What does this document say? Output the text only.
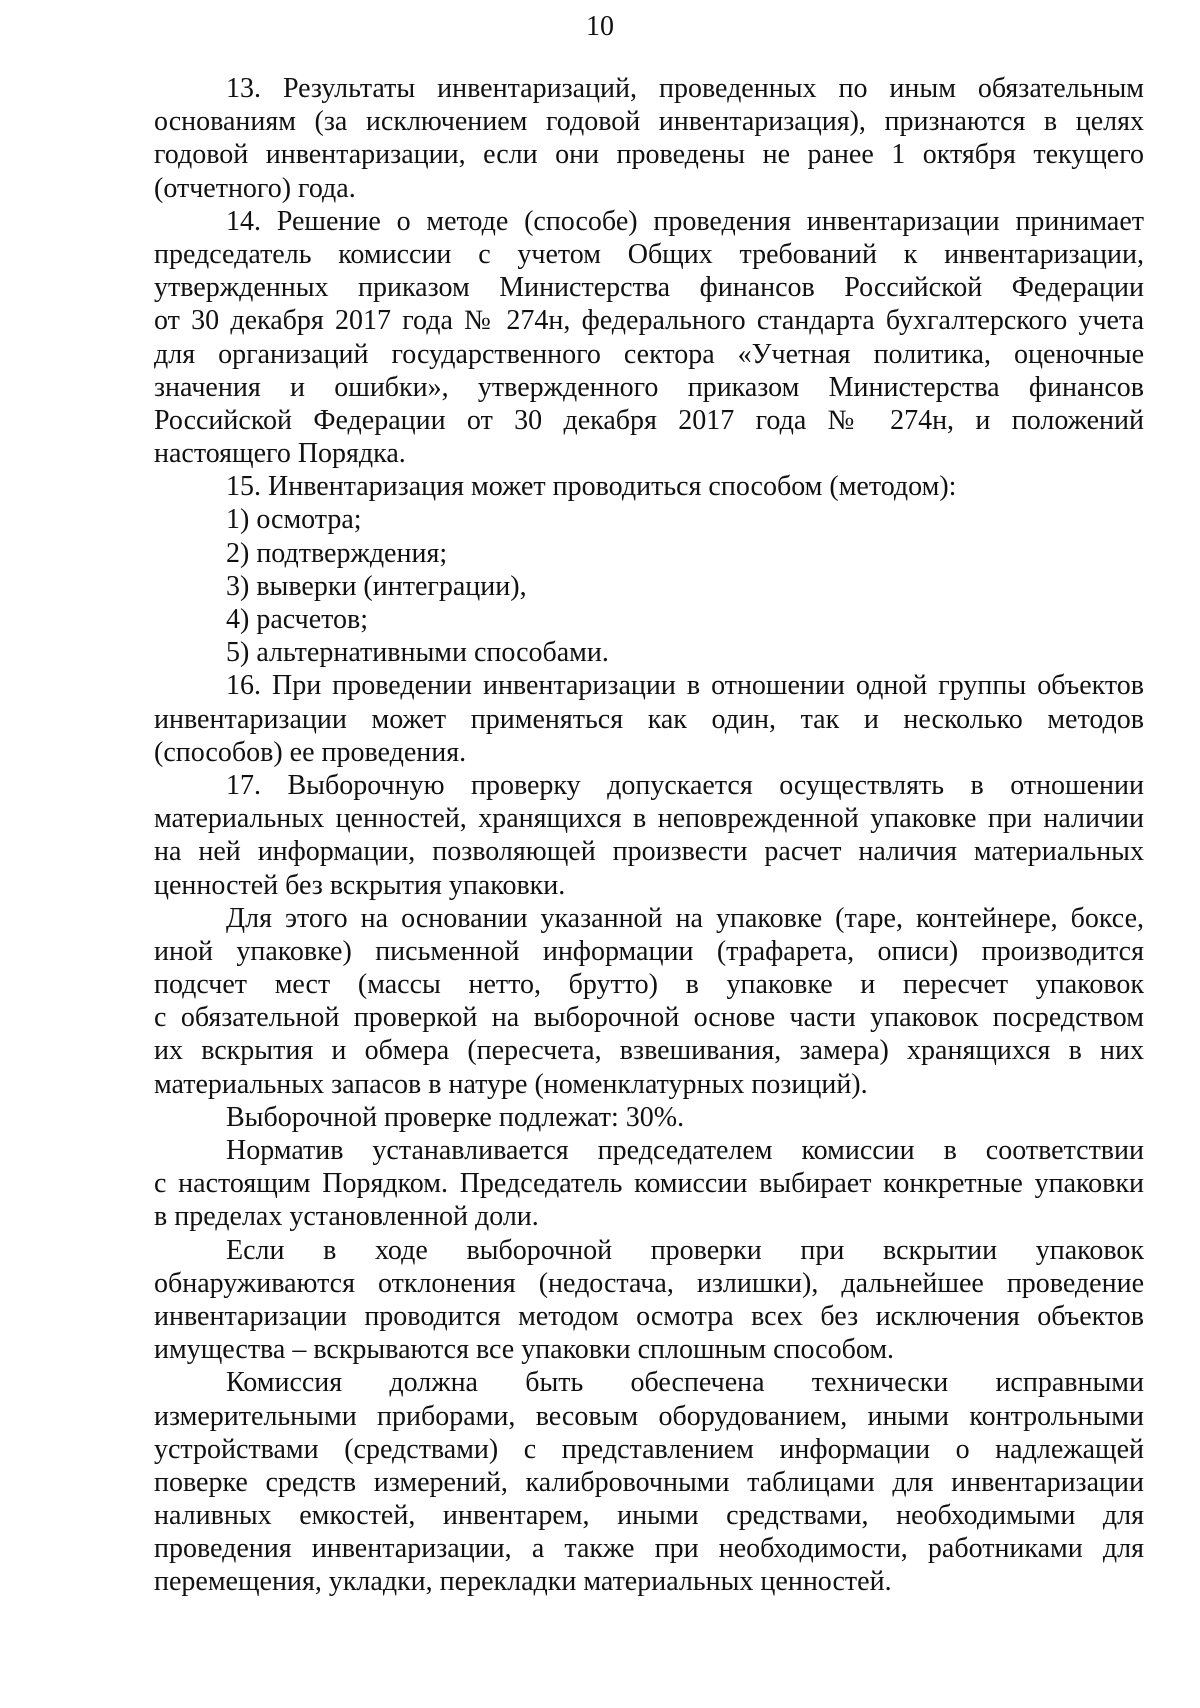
10
13. Результаты инвентаризаций, проведенных по иным обязательным
основаниям (за исключением годовой инвентаризация), признаются в целях
годовой инвентаризации, если они проведены не ранее 1 октября текущего
(отчетного) года.
14. Решение о методе (способе) проведения инвентаризации принимает
председатель комиссии с учетом Общих требований к инвентаризации,
утвержденных приказом Министерства финансов Российской Федерации
от 30 декабря 2017 года № 274н, федерального стандарта бухгалтерского учета
для организаций государственного сектора «Учетная политика, оценочные
значения и ошибки», утвержденного приказом Министерства финансов
Российской Федерации от 30 декабря 2017 года № 274н, и положений
настоящего Порядка.
15. Инвентаризация может проводиться способом (методом):
1) осмотра;
2) подтверждения;
3) выверки (интеграции),
4) расчетов;
5) альтернативными способами.
16. При проведении инвентаризации в отношении одной группы объектов
инвентаризации может применяться как один, так и несколько методов
(способов) ее проведения.
17. Выборочную проверку допускается осуществлять в отношении
материальных ценностей, хранящихся в неповрежденной упаковке при наличии
на ней информации, позволяющей произвести расчет наличия материальных
ценностей без вскрытия упаковки.
Для этого на основании указанной на упаковке (таре, контейнере, боксе,
иной упаковке) письменной информации (трафарета, описи) производится
подсчет мест (массы нетто, брутто) в упаковке и пересчет упаковок
с обязательной проверкой на выборочной основе части упаковок посредством
их вскрытия и обмера (пересчета, взвешивания, замера) хранящихся в них
материальных запасов в натуре (номенклатурных позиций).
Выборочной проверке подлежат: 30%.
Норматив устанавливается председателем комиссии в соответствии
с настоящим Порядком. Председатель комиссии выбирает конкретные упаковки
в пределах установленной доли.
Если в ходе выборочной проверки при вскрытии упаковок
обнаруживаются отклонения (недостача, излишки), дальнейшее проведение
инвентаризации проводится методом осмотра всех без исключения объектов
имущества – вскрываются все упаковки сплошным способом.
Комиссия должна быть обеспечена технически исправными
измерительными приборами, весовым оборудованием, иными контрольными
устройствами (средствами) с представлением информации о надлежащей
поверке средств измерений, калибровочными таблицами для инвентаризации
наливных емкостей, инвентарем, иными средствами, необходимыми для
проведения инвентаризации, а также при необходимости, работниками для
перемещения, укладки, перекладки материальных ценностей.
